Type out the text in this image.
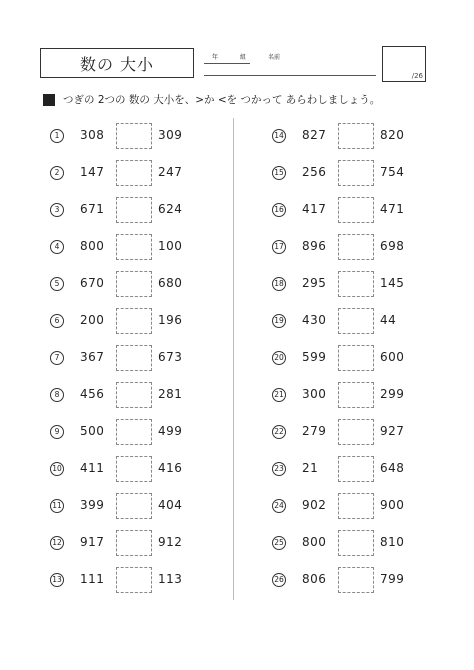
数の 大小	年	組	名前
/26
つぎの 2つの 数の 大小を、>か <を つかって あらわしましょう。
1	308	309
2	147	247
3	671	624
4	800	100
5	670	680
6	200	196
7	367	673
8	456	281
9	500	499
10 411	416
11 399	404
12 917	912
13 111	113
14 827	820
15 256	754
16 417	471
17 896	698
18 295	145
19 430	44
20 599	600
21 300	299
22 279	927
23 21	648
24 902	900
25 800	810
26 806	799
